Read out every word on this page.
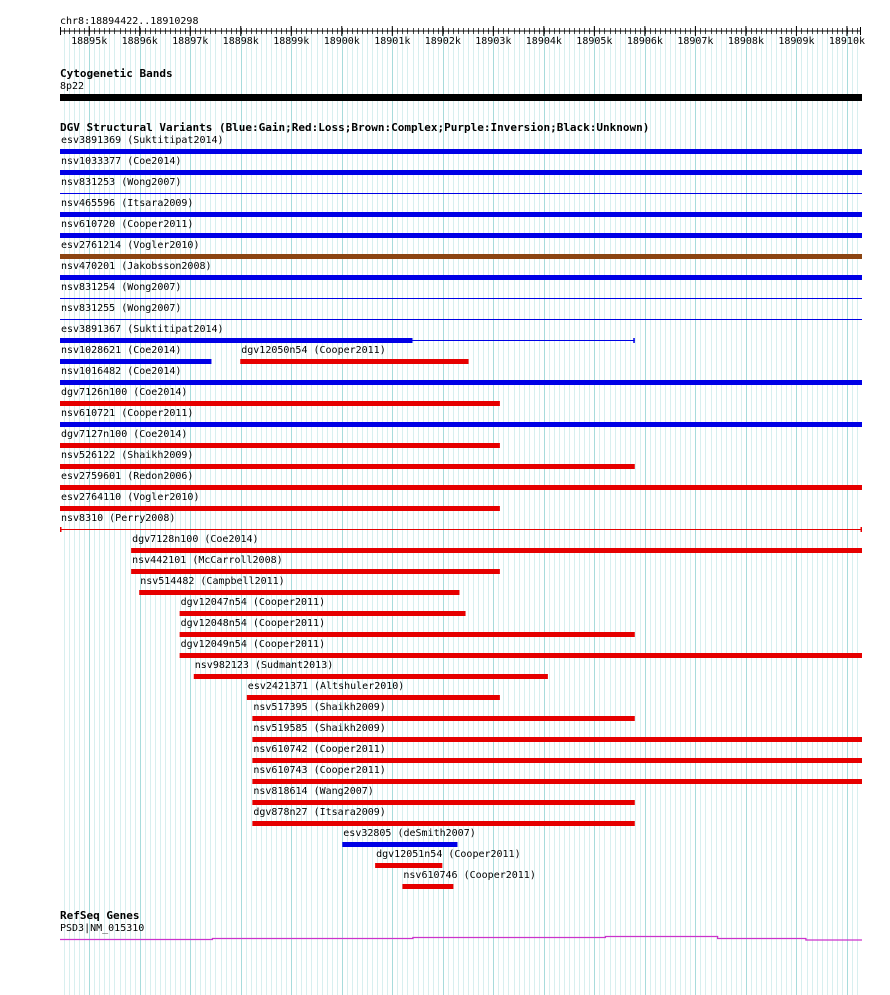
chr8:18894422..18910298
18895k 18896k 18897k 18898k 18899k 18900k 18901k 18902k 18903k 18904k 18905k 18906k 18907k 18908k 18909k 18910k
Cytogenetic Bands
8p22
DGV Structural Variants (Blue:Gain;Red:Loss;Brown:Complex;Purple:Inversion;Black:Unknown)
esv3891369 (Suktitipat2014)
nsv1033377 (Coe2014)
nsv831253 (Wong2007)
nsv465596 (Itsara2009)
nsv610720 (Cooper2011)
esv2761214 (Vogler2010)
nsv470201 (Jakobsson2008)
nsv831254 (Wong2007)
nsv831255 (Wong2007)
esv3891367 (Suktitipat2014)
nsv1028621 (Coe2014)	dgv12050n54 (Cooper2011)
nsv1016482 (Coe2014)
dgv7126n100 (Coe2014)
nsv610721 (Cooper2011)
dgv7127n100 (Coe2014)
nsv526122 (Shaikh2009)
esv2759601 (Redon2006)
esv2764110 (Vogler2010)
nsv8310 (Perry2008)
dgv7128n100 (Coe2014)
nsv442101 (McCarroll2008)
nsv514482 (Campbell2011)
dgv12047n54 (Cooper2011)
dgv12048n54 (Cooper2011)
dgv12049n54 (Cooper2011)
nsv982123 (Sudmant2013)
esv2421371 (Altshuler2010)
nsv517395 (Shaikh2009)
nsv519585 (Shaikh2009)
nsv610742 (Cooper2011)
nsv610743 (Cooper2011)
nsv818614 (Wang2007)
dgv878n27 (Itsara2009)
esv32805 (deSmith2007)
dgv12051n54 (Cooper2011)
nsv610746 (Cooper2011)
RefSeq Genes
PSD3|NM_015310
